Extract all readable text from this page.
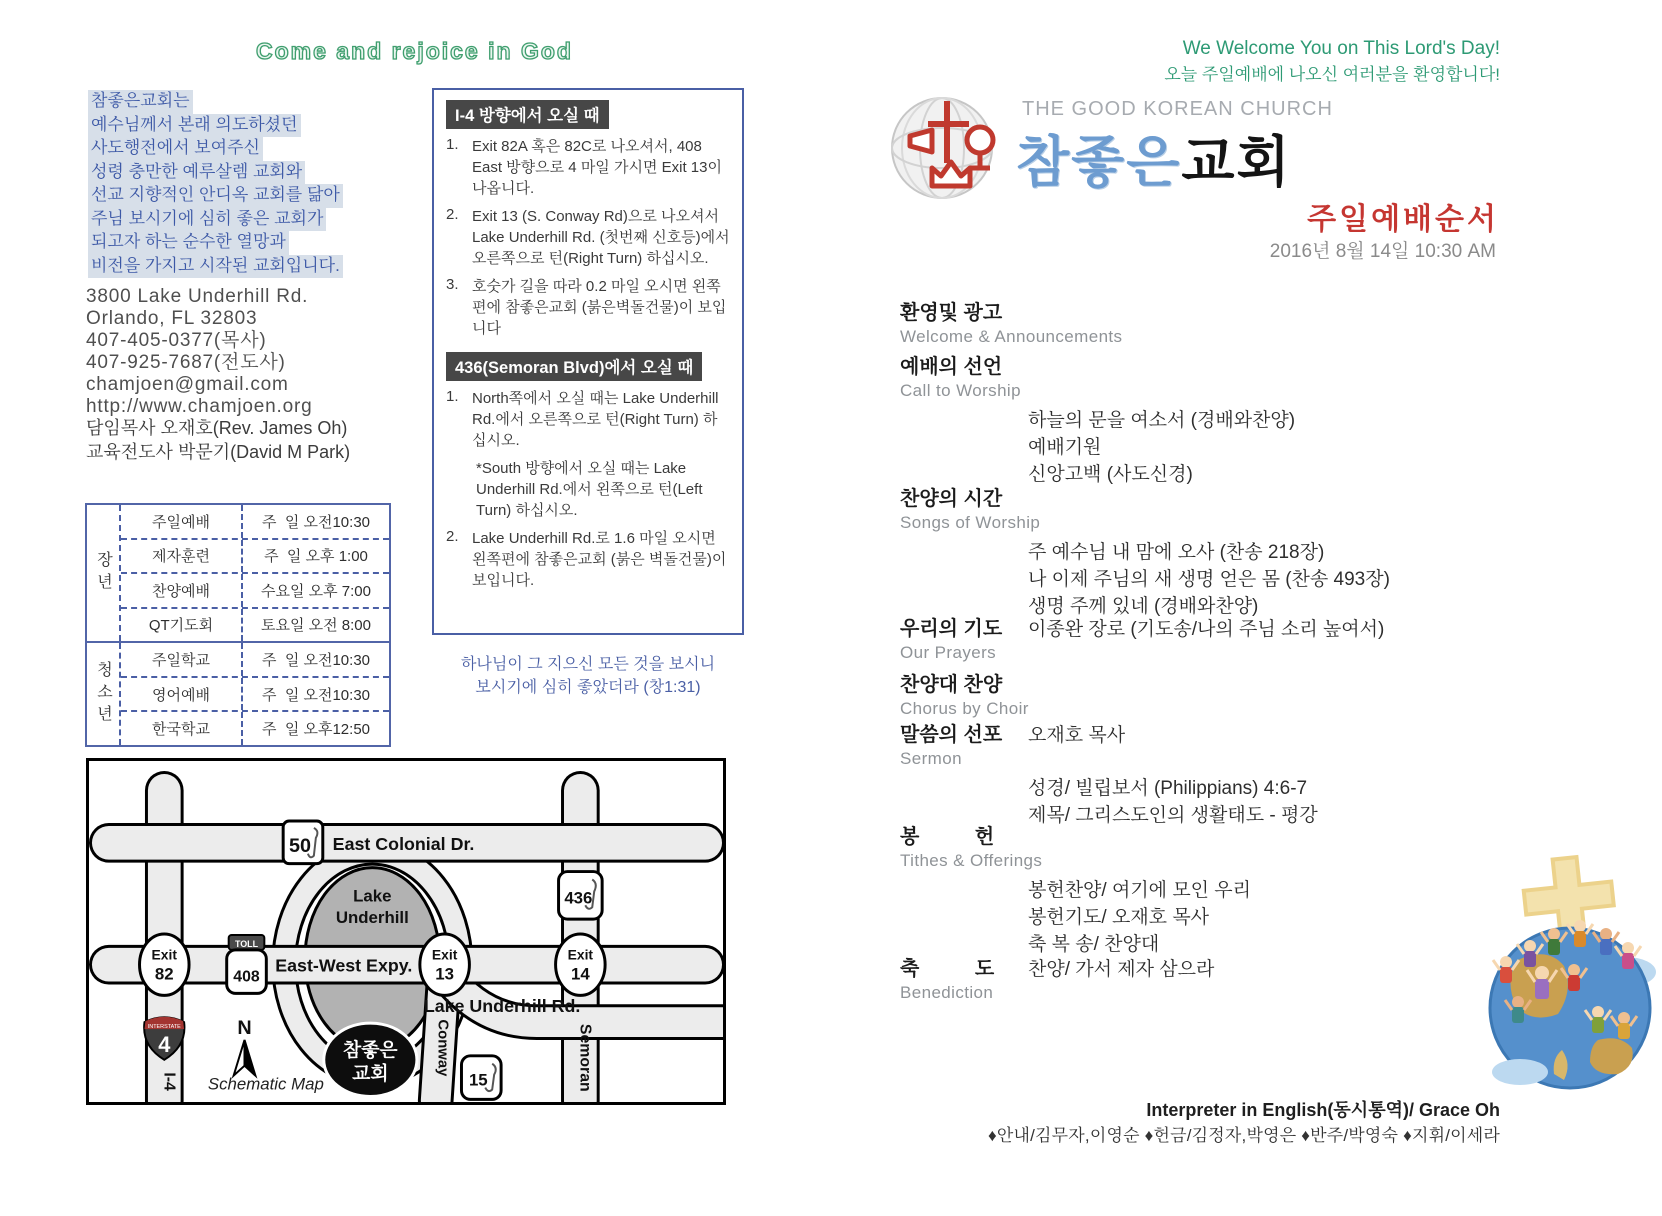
Come and rejoice in God
참좋은교회는
예수님께서 본래 의도하셨던
사도행전에서 보여주신
성령 충만한 예루살렘 교회와
선교 지향적인 안디옥 교회를 닮아
주님 보시기에 심히 좋은 교회가
되고자 하는 순수한 열망과
비전을 가지고 시작된 교회입니다.
3800 Lake Underhill Rd.
Orlando, FL 32803
407-405-0377(목사)
407-925-7687(전도사)
chamjoen@gmail.com
http://www.chamjoen.org
담임목사 오재호(Rev. James Oh)
교육전도사 박문기(David M Park)
장년
주일예배	주  일 오전10:30
제자훈련	주  일 오후 1:00
찬양예배	수요일 오후 7:00
QT기도회	토요일 오전 8:00
청소년
주일학교	주  일 오전10:30
영어예배	주  일 오전10:30
한국학교	주  일 오후12:50
I-4 방향에서 오실 때
1. Exit 82A 혹은 82C로 나오셔서, 408 East 방향으로 4 마일 가시면 Exit 13이 나옵니다.
2. Exit 13 (S. Conway Rd)으로 나오셔서 Lake Underhill Rd. (첫번째 신호등)에서 오른쪽으로 턴(Right Turn) 하십시오.
3. 호숫가 길을 따라 0.2 마일 오시면 왼쪽편에 참좋은교회 (붉은벽돌건물)이 보입니다
436(Semoran Blvd)에서 오실 때
1. North쪽에서 오실 때는 Lake Underhill Rd.에서 오른쪽으로 턴(Right Turn) 하십시오.
*South 방향에서 오실 때는 Lake Underhill Rd.에서 왼쪽으로 턴(Left Turn) 하십시오.
2. Lake Underhill Rd.로 1.6 마일 오시면 왼쪽편에 참좋은교회 (붉은 벽돌건물)이 보입니다.
하나님이 그 지으신 모든 것을 보시니
보시기에 심히 좋았더라 (창1:31)
Lake
Underhill
50 East Colonial Dr.
TOLL
408
East-West Expy.
Exit
82
Exit
13
Exit
14
436
Lake Underhill Rd.
INTERSTATE
4
I-4
N	Conway	Semoran
15
참좋은
교회
Schematic Map
We Welcome You on This Lord's Day!
오늘 주일예배에 나오신 여러분을 환영합니다!
THE GOOD KOREAN CHURCH
참좋은교회
주일예배순서
2016년 8월 14일 10:30 AM
환영및 광고
Welcome & Announcements
예배의 선언
Call to Worship
하늘의 문을 여소서 (경배와찬양)
예배기원
신앙고백 (사도신경)
찬양의 시간
Songs of Worship
주 예수님 내 맘에 오사 (찬송 218장)
나 이제 주님의 새 생명 얻은 몸 (찬송 493장)
생명 주께 있네 (경배와찬양)
우리의 기도	이종완 장로 (기도송/나의 주님 소리 높여서)
Our Prayers
찬양대 찬양
Chorus by Choir
말씀의 선포	오재호 목사
Sermon
성경/ 빌립보서 (Philippians) 4:6-7
제목/ 그리스도인의 생활태도 - 평강
봉          헌
Tithes & Offerings
봉헌찬양/ 여기에 모인 우리
봉헌기도/ 오재호 목사
축 복 송/ 찬양대
축          도	찬양/ 가서 제자 삼으라
Benediction
Interpreter in English(동시통역)/ Grace Oh
♦안내/김무자,이영순 ♦헌금/김정자,박영은 ♦반주/박영숙 ♦지휘/이세라
